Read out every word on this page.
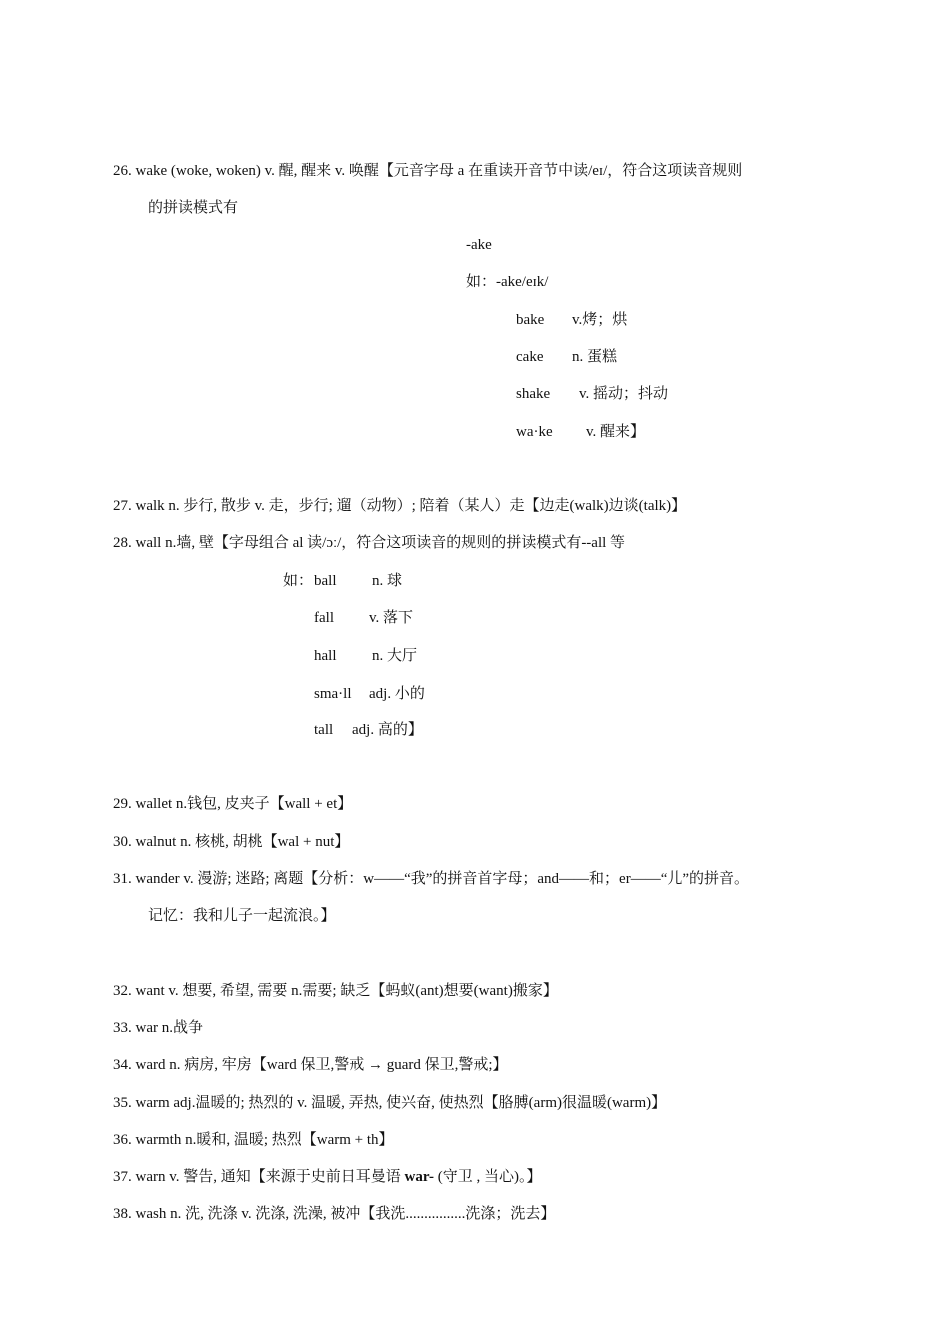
26. wake (woke, woken) v. 醒, 醒来 v. 唤醒【元音字母 a 在重读开音节中读/eɪ/，符合这项读音规则
的拼读模式有
-ake
如：-ake/eɪk/
bake v.烤；烘
cake n. 蛋糕
shake v. 摇动；抖动
wa·ke v. 醒来】
27. walk n. 步行, 散步 v. 走，步行; 遛（动物）; 陪着（某人）走【边走(walk)边谈(talk)】
28. wall n.墙, 壁【字母组合 al 读/ɔː/，符合这项读音的规则的拼读模式有--all 等
如： ball n. 球
fall v. 落下
hall n. 大厅
sma·ll adj. 小的
tall adj. 高的】
29. wallet n.钱包, 皮夹子【wall + et】
30. walnut n. 核桃, 胡桃【wal + nut】
31. wander v. 漫游; 迷路; 离题【分析：w——“我”的拼音首字母；and——和；er——“儿”的拼音。
记忆：我和儿子一起流浪。】
32. want v. 想要, 希望, 需要 n.需要; 缺乏【蚂蚁(ant)想要(want)搬家】
33. war n.战争
34. ward n. 病房, 牢房【ward 保卫,警戒 → guard 保卫,警戒;】
35. warm adj.温暖的; 热烈的 v. 温暖, 弄热, 使兴奋, 使热烈【胳膊(arm)很温暖(warm)】
36. warmth n.暖和, 温暖; 热烈【warm + th】
37. warn v. 警告, 通知【来源于史前日耳曼语 war- (守卫 , 当心)。】
38. wash n. 洗, 洗涤 v. 洗涤, 洗澡, 被冲【我洗................洗涤；洗去】
